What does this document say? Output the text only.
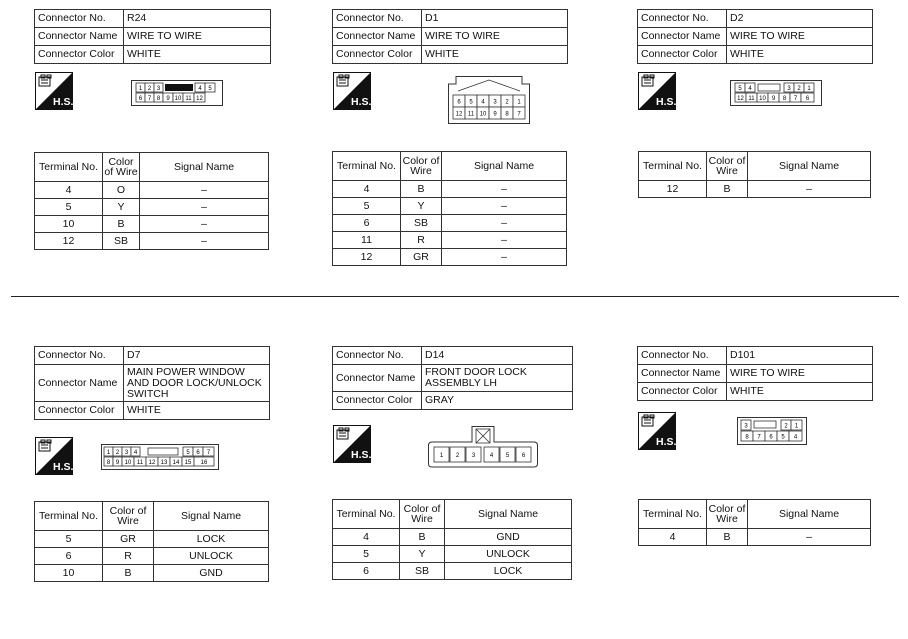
Connector No.	R24
Connector Name	WIRE TO WIRE
Connector Color	WHITE
H.S.
1 2 3	4 5
6 7 8 9 10 11 12
Terminal No.	Color of Wire	Signal Name
4	O	–
5	Y	–
10	B	–
12	SB	–
Connector No.	D1
Connector Name	WIRE TO WIRE
Connector Color	WHITE
H.S.	6 5 4 3 2 1
12 11 10 9 8 7
Terminal No.	Color of Wire	Signal Name
4	B	–
5	Y	–
6	SB	–
11	R	–
12	GR	–
Connector No.	D2
Connector Name	WIRE TO WIRE
Connector Color	WHITE
H.S.
5 4	3 2 1
12 11 10 9 8 7 6
Terminal No.	Color of Wire	Signal Name
12	B	–
Connector No.	D7
Connector Name	MAIN POWER WINDOW AND DOOR LOCK/UNLOCK SWITCH
Connector Color	WHITE
H.S.
1 2 3 4	5 6 7
8 9 10 11 12 13 14 15 16
Terminal No.	Color of Wire	Signal Name
5	GR	LOCK
6	R	UNLOCK
10	B	GND
Connector No.	D14
Connector Name	FRONT DOOR LOCK ASSEMBLY LH
Connector Color	GRAY
H.S.	1 2 3 4 5 6
Terminal No.	Color of Wire	Signal Name
4	B	GND
5	Y	UNLOCK
6	SB	LOCK
Connector No.	D101
Connector Name	WIRE TO WIRE
Connector Color	WHITE
H.S.
3	2 1
8 7 6 5 4
Terminal No.	Color of Wire	Signal Name
4	B	–
